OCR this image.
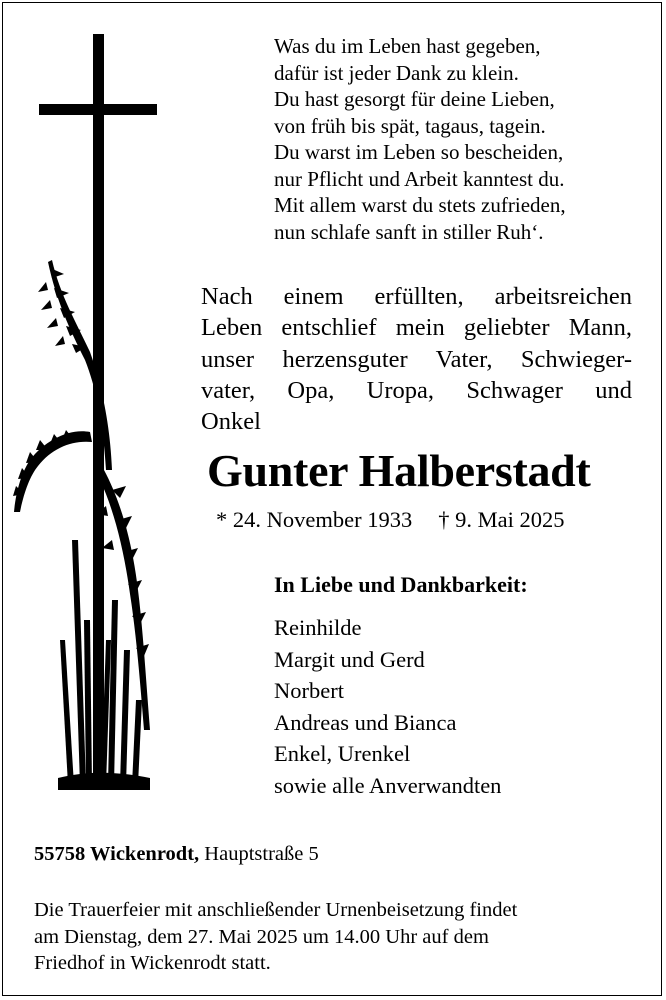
Was du im Leben hast gegeben,
dafür ist jeder Dank zu klein.
Du hast gesorgt für deine Lieben,
von früh bis spät, tagaus, tagein.
Du warst im Leben so bescheiden,
nur Pflicht und Arbeit kanntest du.
Mit allem warst du stets zufrieden,
nun schlafe sanft in stiller Ruh‘.
Nach einem erfüllten, arbeitsreichen
Leben entschlief mein geliebter Mann,
unser herzensguter Vater, Schwieger-
vater, Opa, Uropa, Schwager und
Onkel
Gunter Halberstadt
* 24. November 1933 † 9. Mai 2025
In Liebe und Dankbarkeit:
Reinhilde
Margit und Gerd
Norbert
Andreas und Bianca
Enkel, Urenkel
sowie alle Anverwandten
55758 Wickenrodt, Hauptstraße 5
Die Trauerfeier mit anschließender Urnenbeisetzung findet
am Dienstag, dem 27. Mai 2025 um 14.00 Uhr auf dem
Friedhof in Wickenrodt statt.
